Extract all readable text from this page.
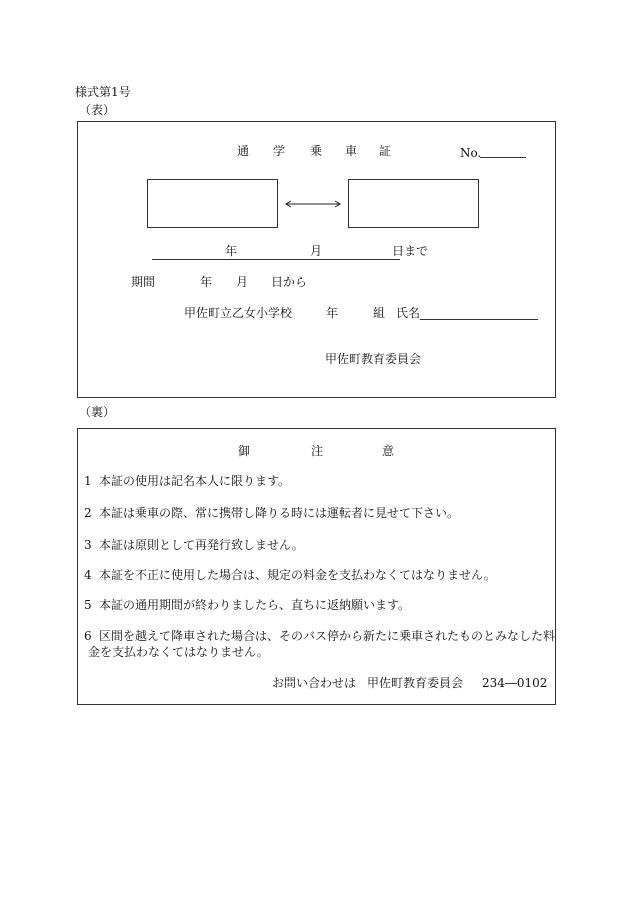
様式第1号
（表）
通 学 乗 車 証	No.
年	月	日まで
期間	年 月 日から
甲佐町立乙女小学校	年	組 氏名
甲佐町教育委員会
（裏）
御	注	意
1 本証の使用は記名本人に限ります。
2 本証は乗車の際、常に携帯し降りる時には運転者に見せて下さい。
3 本証は原則として再発行致しません。
4 本証を不正に使用した場合は、規定の料金を支払わなくてはなりません。
5 本証の通用期間が終わりましたら、直ちに返納願います。
6 区間を越えて降車された場合は、そのバス停から新たに乗車されたものとみなした料
金を支払わなくてはなりません。
お問い合わせは 甲佐町教育委員会 234―0102
